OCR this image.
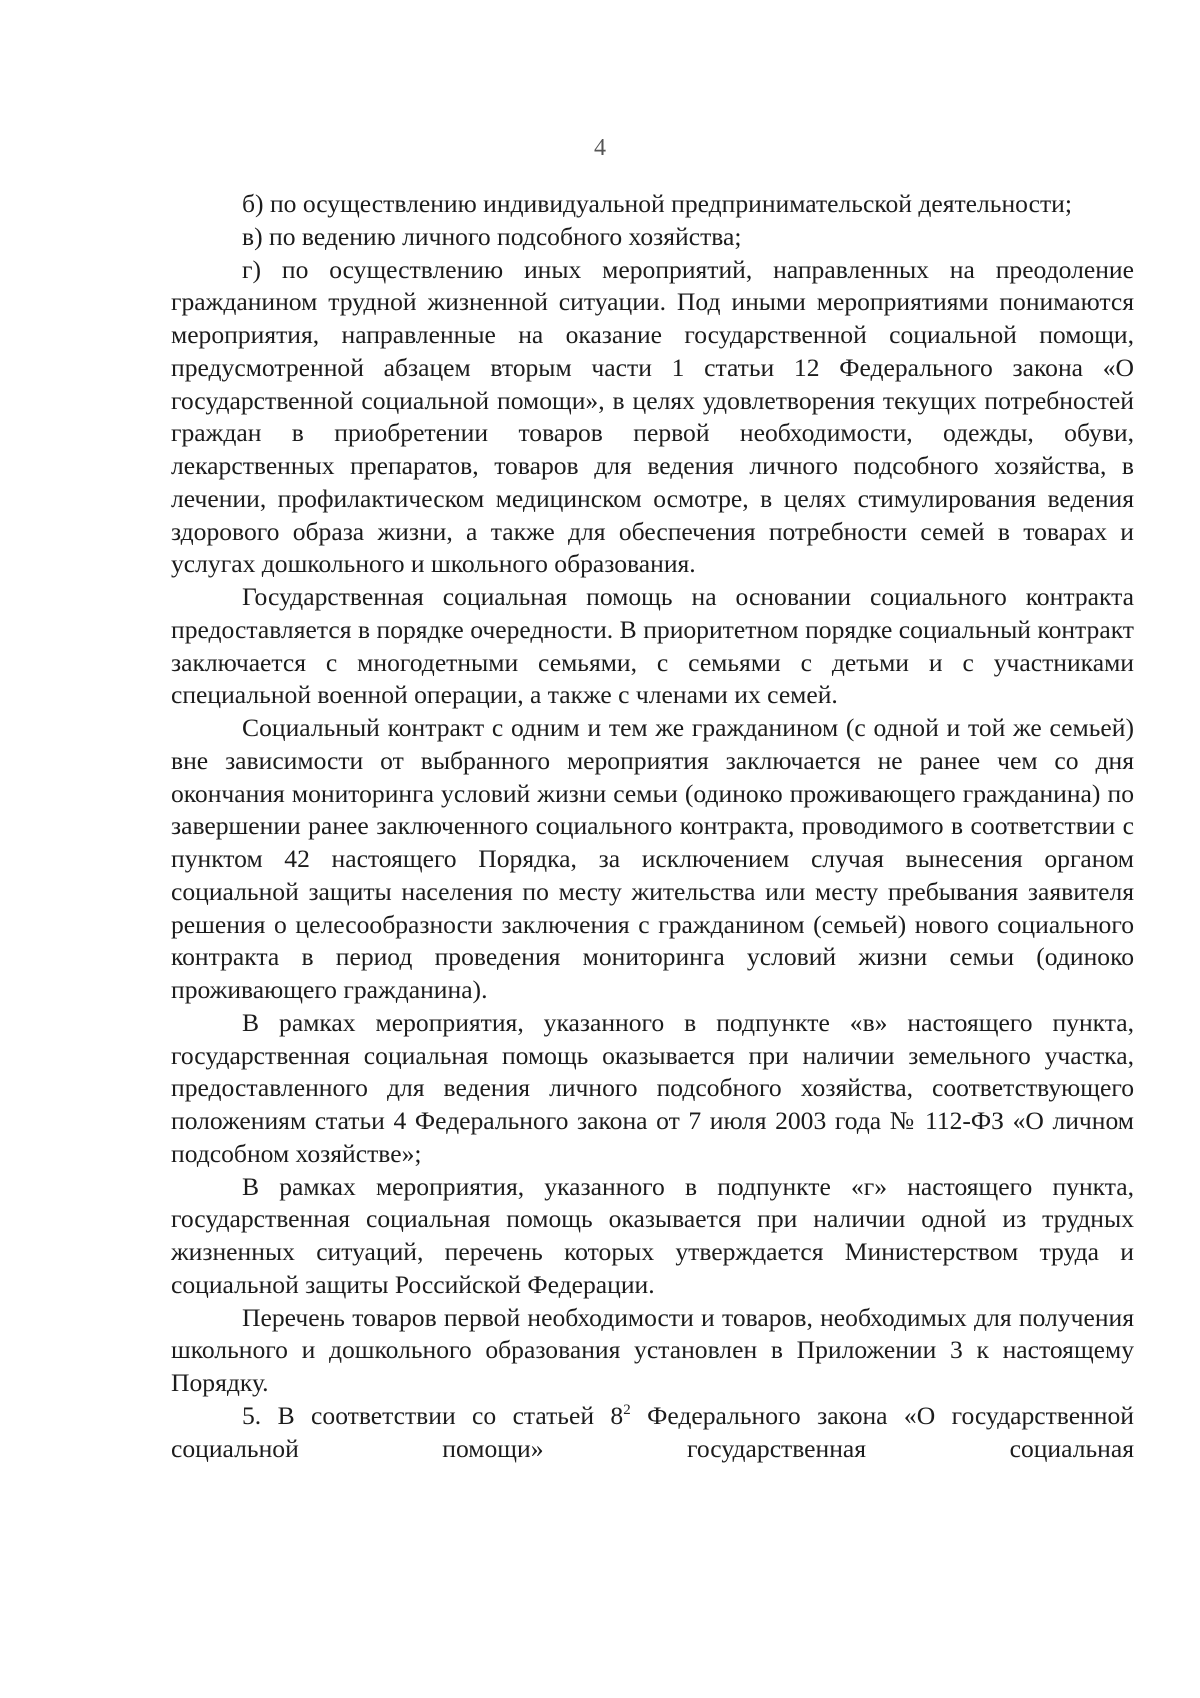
4

б) по осуществлению индивидуальной предпринимательской деятельности;

в) по ведению личного подсобного хозяйства;

г) по осуществлению иных мероприятий, направленных на преодоление гражданином трудной жизненной ситуации. Под иными мероприятиями понимаются мероприятия, направленные на оказание государственной социальной помощи, предусмотренной абзацем вторым части 1 статьи 12 Федерального закона «О государственной социальной помощи», в целях удовлетворения текущих потребностей граждан в приобретении товаров первой необходимости, одежды, обуви, лекарственных препаратов, товаров для ведения личного подсобного хозяйства, в лечении, профилактическом медицинском осмотре, в целях стимулирования ведения здорового образа жизни, а также для обеспечения потребности семей в товарах и услугах дошкольного и школьного образования.

Государственная социальная помощь на основании социального контракта предоставляется в порядке очередности. В приоритетном порядке социальный контракт заключается с многодетными семьями, с семьями с детьми и с участниками специальной военной операции, а также с членами их семей.

Социальный контракт с одним и тем же гражданином (с одной и той же семьей) вне зависимости от выбранного мероприятия заключается не ранее чем со дня окончания мониторинга условий жизни семьи (одиноко проживающего гражданина) по завершении ранее заключенного социального контракта, проводимого в соответствии с пунктом 42 настоящего Порядка, за исключением случая вынесения органом социальной защиты населения по месту жительства или месту пребывания заявителя решения о целесообразности заключения с гражданином (семьей) нового социального контракта в период проведения мониторинга условий жизни семьи (одиноко проживающего гражданина).

В рамках мероприятия, указанного в подпункте «в» настоящего пункта, государственная социальная помощь оказывается при наличии земельного участка, предоставленного для ведения личного подсобного хозяйства, соответствующего положениям статьи 4 Федерального закона от 7 июля 2003 года № 112-ФЗ «О личном подсобном хозяйстве»;

В рамках мероприятия, указанного в подпункте «г» настоящего пункта, государственная социальная помощь оказывается при наличии одной из трудных жизненных ситуаций, перечень которых утверждается Министерством труда и социальной защиты Российской Федерации.

Перечень товаров первой необходимости и товаров, необходимых для получения школьного и дошкольного образования установлен в Приложении 3 к настоящему Порядку.

5. В соответствии со статьей $8^2$ Федерального закона «О государственной социальной помощи» государственная социальная
